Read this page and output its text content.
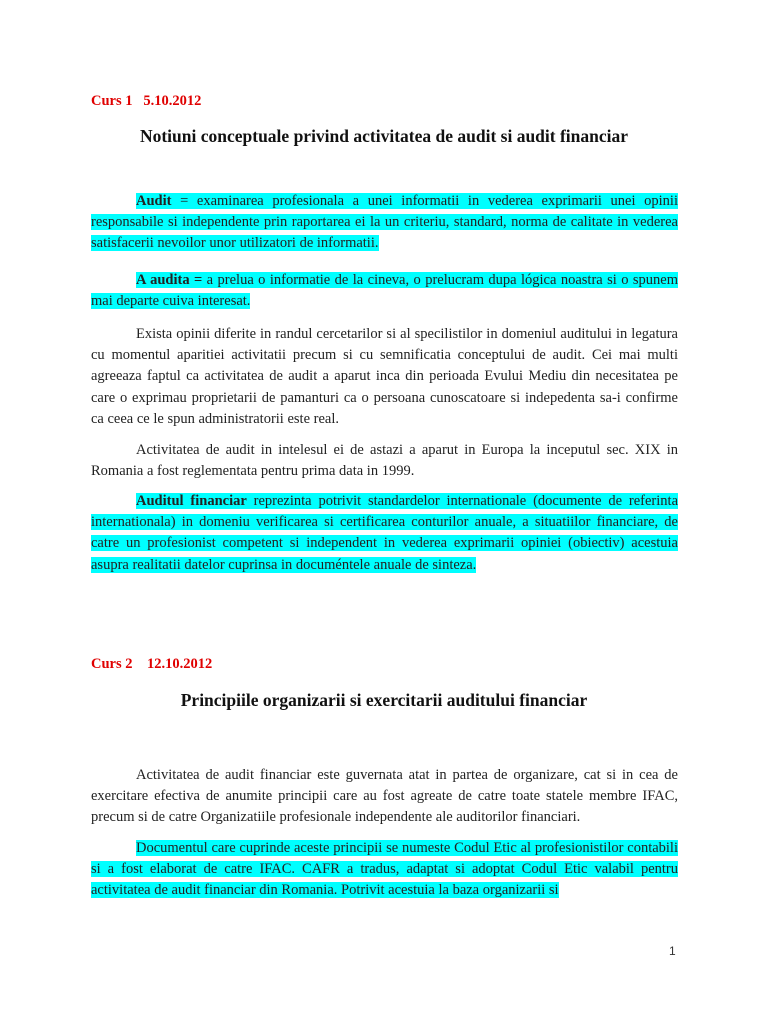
Curs 1   5.10.2012

Notiuni conceptuale privind activitatea de audit si audit financiar

Audit = examinarea profesionala a unei informatii in vederea exprimarii unei opinii responsabile si independente prin raportarea ei la un criteriu, standard, norma de calitate in vederea satisfacerii nevoilor unor utilizatori de informatii.

A audita = a prelua o informatie de la cineva, o prelucram dupa lógica noastra si o spunem mai departe cuiva interesat.

Exista opinii diferite in randul cercetarilor si al specilistilor in domeniul auditului in legatura cu momentul aparitiei activitatii precum si cu semnificatia conceptului de audit. Cei mai multi agreeaza faptul ca activitatea de audit a aparut inca din perioada Evului Mediu din necesitatea pe care o exprimau proprietarii de pamanturi ca o persoana cunoscatoare si indepedenta sa-i confirme ca ceea ce le spun administratorii este real.

Activitatea de audit in intelesul ei de astazi a aparut in Europa la inceputul sec. XIX in Romania a fost reglementata pentru prima data in 1999.

Auditul financiar reprezinta potrivit standardelor internationale (documente de referinta internationala) in domeniu verificarea si certificarea conturilor anuale, a situatiilor financiare, de catre un profesionist competent si independent in vederea exprimarii opiniei (obiectiv) acestuia asupra realitatii datelor cuprinsa in documéntele anuale de sinteza.

Curs 2    12.10.2012

Principiile organizarii si exercitarii auditului financiar

Activitatea de audit financiar este guvernata atat in partea de organizare, cat si in cea de exercitare efectiva de anumite principii care au fost agreate de catre toate statele membre IFAC, precum si de catre Organizatiile profesionale independente ale auditorilor financiari.

Documentul care cuprinde aceste principii se numeste Codul Etic al profesionistilor contabili si a fost elaborat de catre IFAC. CAFR a tradus, adaptat si adoptat Codul Etic valabil pentru activitatea de audit financiar din Romania. Potrivit acestuia la baza organizarii si

1
